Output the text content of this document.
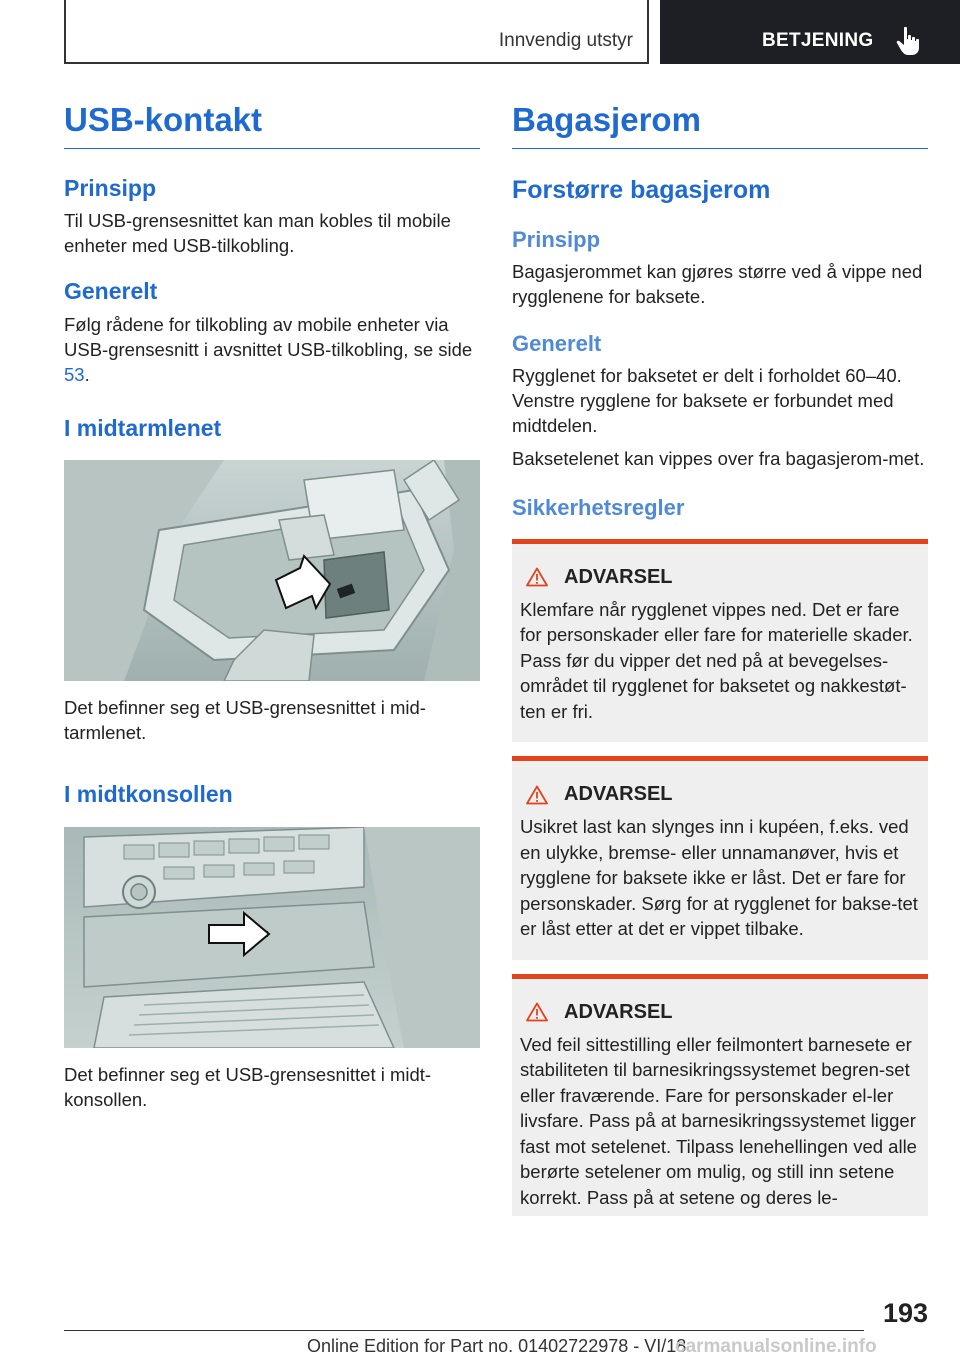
Innvendig utstyr	BETJENING
USB-kontakt
Prinsipp

Til USB-grensesnittet kan man kobles til mobile enheter med USB-tilkobling.

Generelt

Følg rådene for tilkobling av mobile enheter via USB-grensesnitt i avsnittet USB-tilkobling, se side 53.

I midtarmlenet

Det befinner seg et USB-grensesnittet i mid-tarmlenet.

I midtkonsollen

Det befinner seg et USB-grensesnittet i midt-konsollen.

Bagasjerom
Forstørre bagasjerom
Prinsipp

Bagasjerommet kan gjøres større ved å vippe ned rygglenene for baksete.

Generelt

Rygglenet for baksetet er delt i forholdet 60–40. Venstre rygglene for baksete er forbundet med midtdelen.

Baksetelenet kan vippes over fra bagasjerom-met.

Sikkerhetsregler
ADVARSEL

Klemfare når rygglenet vippes ned. Det er fare for personskader eller fare for materielle skader. Pass før du vipper det ned på at bevegelses-området til rygglenet for baksetet og nakkestøt-ten er fri.

ADVARSEL

Usikret last kan slynges inn i kupéen, f.eks. ved en ulykke, bremse- eller unnamanøver, hvis et rygglene for baksete ikke er låst. Det er fare for personskader. Sørg for at rygglenet for bakse-tet er låst etter at det er vippet tilbake.

ADVARSEL

Ved feil sittestilling eller feilmontert barnesete er stabiliteten til barnesikringssystemet begren-set eller fraværende. Fare for personskader el-ler livsfare. Pass på at barnesikringssystemet ligger fast mot setelenet. Tilpass lenehellingen ved alle berørte setelener om mulig, og still inn setene korrekt. Pass på at setene og deres le-

193
Online Edition for Part no. 01402722978 - VI/18
carmanualsonline.info
